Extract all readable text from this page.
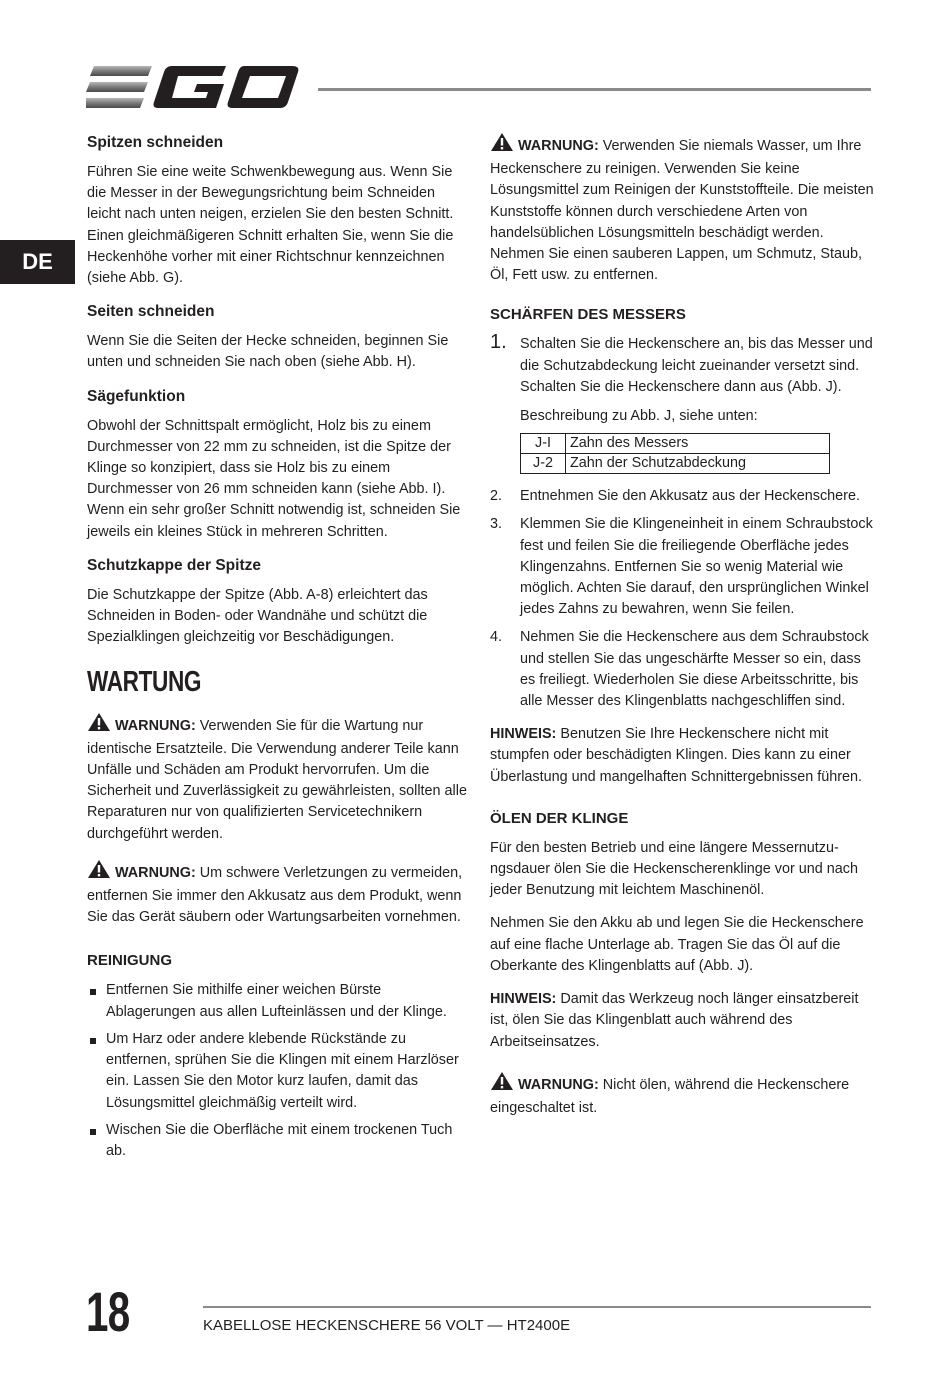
DE
Spitzen schneiden

Führen Sie eine weite Schwenkbewegung aus. Wenn Sie die Messer in der Bewegungsrichtung beim Schneiden leicht nach unten neigen, erzielen Sie den besten Schnitt. Einen gleichmäßigeren Schnitt erhalten Sie, wenn Sie die Heckenhöhe vorher mit einer Richtschnur kennzeichnen (siehe Abb. G).

Seiten schneiden

Wenn Sie die Seiten der Hecke schneiden, beginnen Sie unten und schneiden Sie nach oben (siehe Abb. H).

Sägefunktion

Obwohl der Schnittspalt ermöglicht, Holz bis zu einem Durchmesser von 22 mm zu schneiden, ist die Spitze der Klinge so konzipiert, dass sie Holz bis zu einem Durchmesser von 26 mm schneiden kann (siehe Abb. I). Wenn ein sehr großer Schnitt notwendig ist, schneiden Sie jeweils ein kleines Stück in mehreren Schritten.

Schutzkappe der Spitze

Die Schutzkappe der Spitze (Abb. A-8) erleichtert das Schneiden in Boden- oder Wandnähe und schützt die Spezialklingen gleichzeitig vor Beschädigungen.

WARTUNG

WARNUNG: Verwenden Sie für die Wartung nur identische Ersatzteile. Die Verwendung anderer Teile kann Unfälle und Schäden am Produkt hervorrufen. Um die Sicherheit und Zuverlässigkeit zu gewährleisten, sollten alle Reparaturen nur von qualifizierten Servicetechnikern durchgeführt werden.

WARNUNG: Um schwere Verletzungen zu vermeiden, entfernen Sie immer den Akkusatz aus dem Produkt, wenn Sie das Gerät säubern oder Wartungsarbeiten vornehmen.

REINIGUNG
Entfernen Sie mithilfe einer weichen Bürste Ablagerungen aus allen Lufteinlässen und der Klinge.
Um Harz oder andere klebende Rückstände zu entfernen, sprühen Sie die Klingen mit einem Harzlöser ein. Lassen Sie den Motor kurz laufen, damit das Lösungsmittel gleichmäßig verteilt wird.
Wischen Sie die Oberfläche mit einem trockenen Tuch ab.

WARNUNG: Verwenden Sie niemals Wasser, um Ihre Heckenschere zu reinigen. Verwenden Sie keine Lösungsmittel zum Reinigen der Kunststoffteile. Die meisten Kunststoffe können durch verschiedene Arten von handelsüblichen Lösungsmitteln beschädigt werden. Nehmen Sie einen sauberen Lappen, um Schmutz, Staub, Öl, Fett usw. zu entfernen.

SCHÄRFEN DES MESSERS
1. Schalten Sie die Heckenschere an, bis das Messer und die Schutzabdeckung leicht zueinander versetzt sind. Schalten Sie die Heckenschere dann aus (Abb. J).
Beschreibung zu Abb. J, siehe unten:
J-I	Zahn des Messers
J-2	Zahn der Schutzabdeckung
2. Entnehmen Sie den Akkusatz aus der Heckenschere.
3. Klemmen Sie die Klingeneinheit in einem Schraubstock fest und feilen Sie die freiliegende Oberfläche jedes Klingenzahns. Entfernen Sie so wenig Material wie möglich. Achten Sie darauf, den ursprünglichen Winkel jedes Zahns zu bewahren, wenn Sie feilen.
4. Nehmen Sie die Heckenschere aus dem Schraubstock und stellen Sie das ungeschärfte Messer so ein, dass es freiliegt. Wiederholen Sie diese Arbeitsschritte, bis alle Messer des Klingenblatts nachgeschliffen sind.

HINWEIS: Benutzen Sie Ihre Heckenschere nicht mit stumpfen oder beschädigten Klingen. Dies kann zu einer Überlastung und mangelhaften Schnittergebnissen führen.

ÖLEN DER KLINGE

Für den besten Betrieb und eine längere Messernutzu-ngsdauer ölen Sie die Heckenscherenklinge vor und nach jeder Benutzung mit leichtem Maschinenöl.

Nehmen Sie den Akku ab und legen Sie die Heckenschere auf eine flache Unterlage ab. Tragen Sie das Öl auf die Oberkante des Klingenblatts auf (Abb. J).

HINWEIS: Damit das Werkzeug noch länger einsatzbereit ist, ölen Sie das Klingenblatt auch während des Arbeitseinsatzes.

WARNUNG: Nicht ölen, während die Heckenschere eingeschaltet ist.

18	KABELLOSE HECKENSCHERE 56 VOLT — HT2400E
